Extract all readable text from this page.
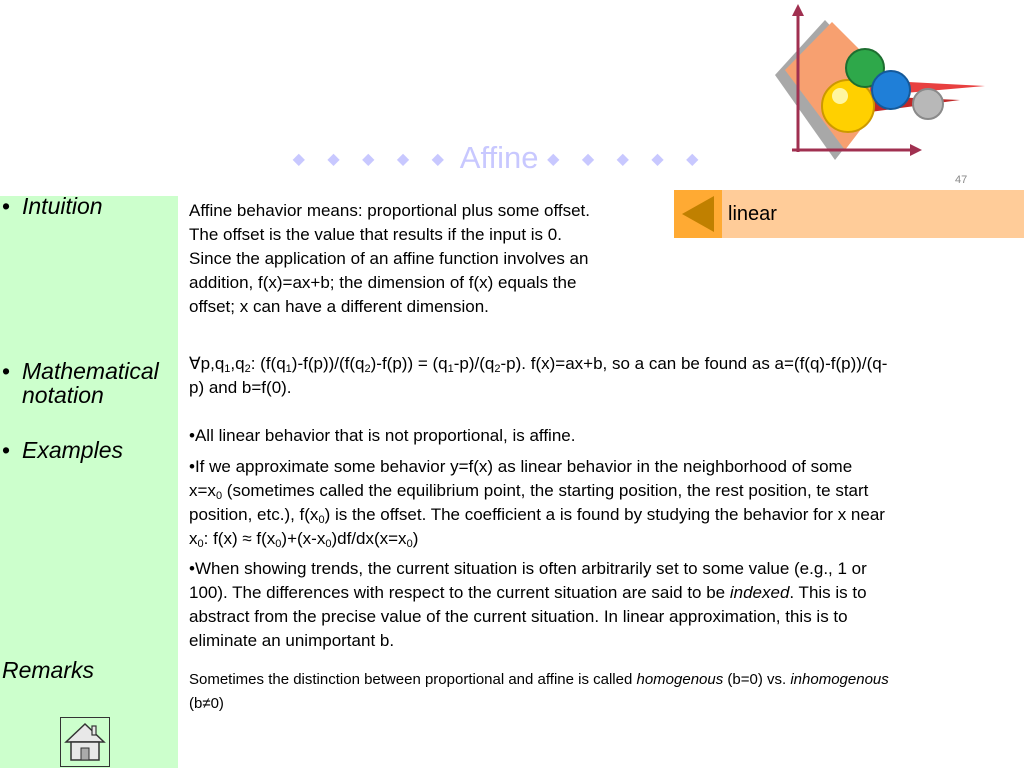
◆ ◆ ◆ ◆ ◆ Affine ◆ ◆ ◆ ◆ ◆
47
linear
• Intuition
• Mathematical
notation
• Examples
Remarks
Affine behavior means: proportional plus some offset.
The offset is the value that results if the input is 0.
Since the application of an affine function involves an
addition, f(x)=ax+b; the dimension of f(x) equals the
offset; x can have a different dimension.
$\forall p,q_1,q_2$: $(f(q_1)-f(p))/(f(q_2)-f(p)) = (q_1-p)/(q_2-p)$. f(x)=ax+b, so a can be found as a=(f(q)-f(p))/(q-
p) and b=f(0).
•All linear behavior that is not proportional, is affine.
•If we approximate some behavior y=f(x) as linear behavior in the neighborhood of some
$x=x_0$ (sometimes called the equilibrium point, the starting position, the rest position, te start
position, etc.), $f(x_0)$ is the offset. The coefficient a is found by studying the behavior for x near
$x_0$: $f(x) \approx f(x_0)+(x-x_0)df/dx(x=x_0)$
•When showing trends, the current situation is often arbitrarily set to some value (e.g., 1 or
100). The differences with respect to the current situation are said to be indexed. This is to
abstract from the precise value of the current situation. In linear approximation, this is to
eliminate an unimportant b.
Sometimes the distinction between proportional and affine is called homogenous (b=0) vs. inhomogenous
(b≠0)
